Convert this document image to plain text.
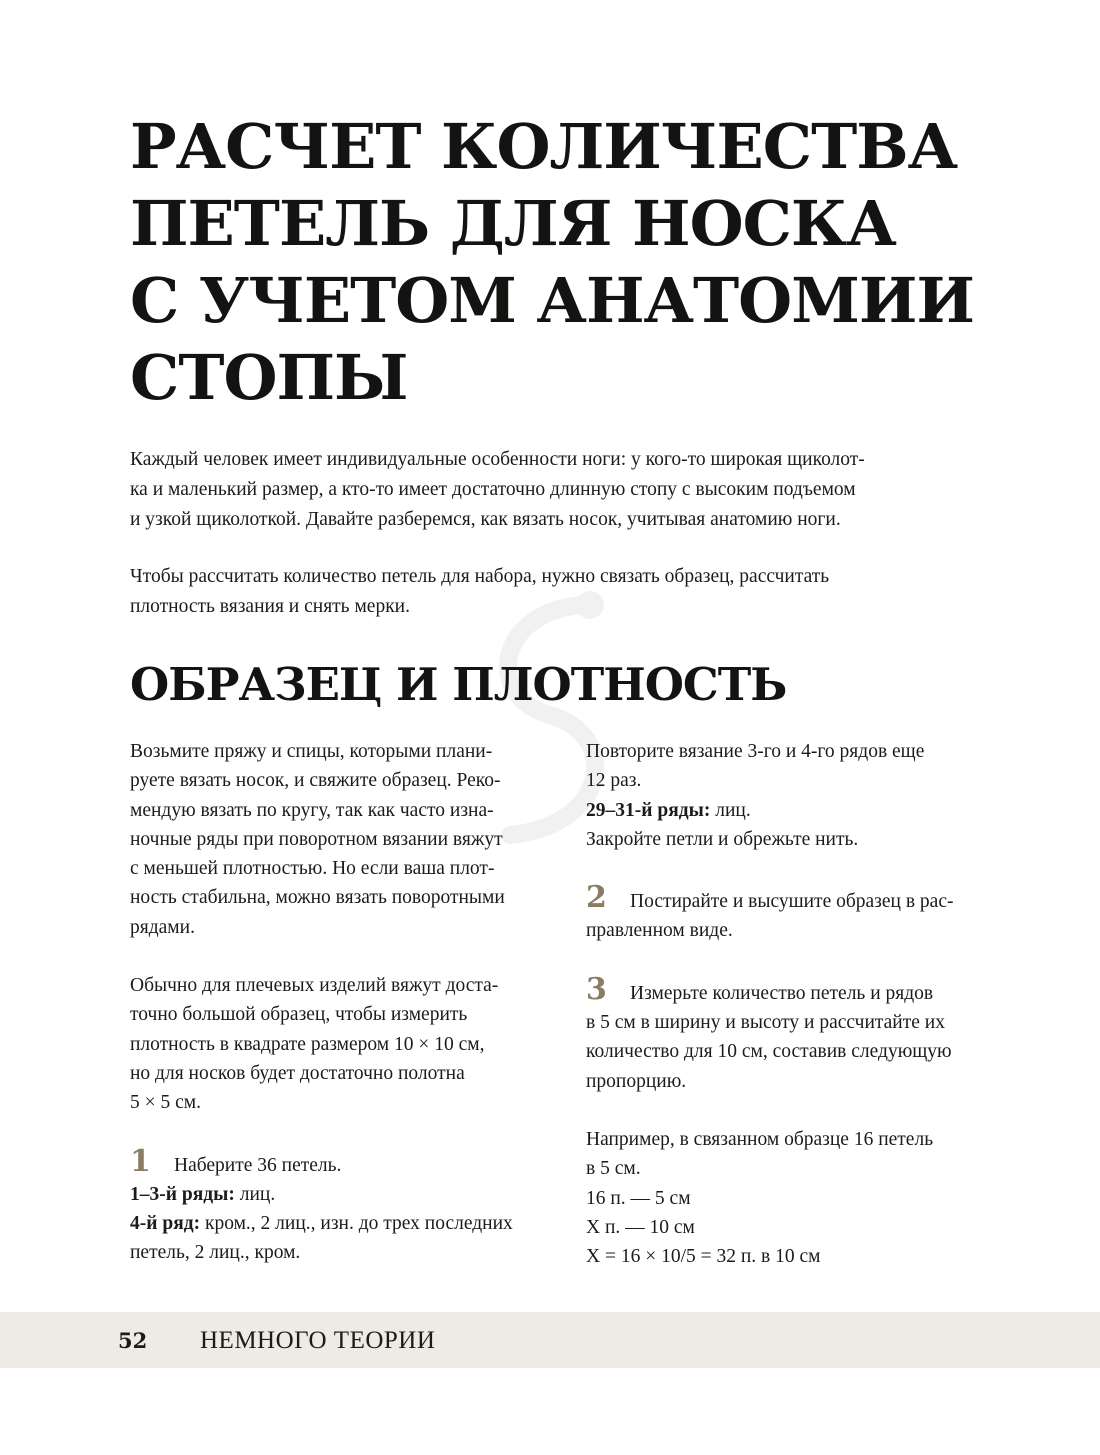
РАСЧЕТ КОЛИЧЕСТВА
ПЕТЕЛЬ ДЛЯ НОСКА
С УЧЕТОМ АНАТОМИИ
СТОПЫ

Каждый человек имеет индивидуальные особенности ноги: у кого-то широкая щиколот-
ка и маленький размер, а кто-то имеет достаточно длинную стопу с высоким подъемом
и узкой щиколоткой. Давайте разберемся, как вязать носок, учитывая анатомию ноги.

Чтобы рассчитать количество петель для набора, нужно связать образец, рассчитать
плотность вязания и снять мерки.

ОБРАЗЕЦ И ПЛОТНОСТЬ

Возьмите пряжу и спицы, которыми плани-
руете вязать носок, и свяжите образец. Реко-
мендую вязать по кругу, так как часто изна-
ночные ряды при поворотном вязании вяжут
с меньшей плотностью. Но если ваша плот-
ность стабильна, можно вязать поворотными
рядами.

Обычно для плечевых изделий вяжут доста-
точно большой образец, чтобы измерить
плотность в квадрате размером 10 × 10 см,
но для носков будет достаточно полотна
5 × 5 см.

1 Наберите 36 петель.
1–3-й ряды: лиц.
4-й ряд: кром., 2 лиц., изн. до трех последних
петель, 2 лиц., кром.

Повторите вязание 3-го и 4-го рядов еще
12 раз.
29–31-й ряды: лиц.
Закройте петли и обрежьте нить.

2 Постирайте и высушите образец в рас-
правленном виде.

3 Измерьте количество петель и рядов
в 5 см в ширину и высоту и рассчитайте их
количество для 10 см, составив следующую
пропорцию.

Например, в связанном образце 16 петель
в 5 см.
16 п. — 5 см
X п. — 10 см
X = 16 × 10/5 = 32 п. в 10 см

52 НЕМНОГО ТЕОРИИ
